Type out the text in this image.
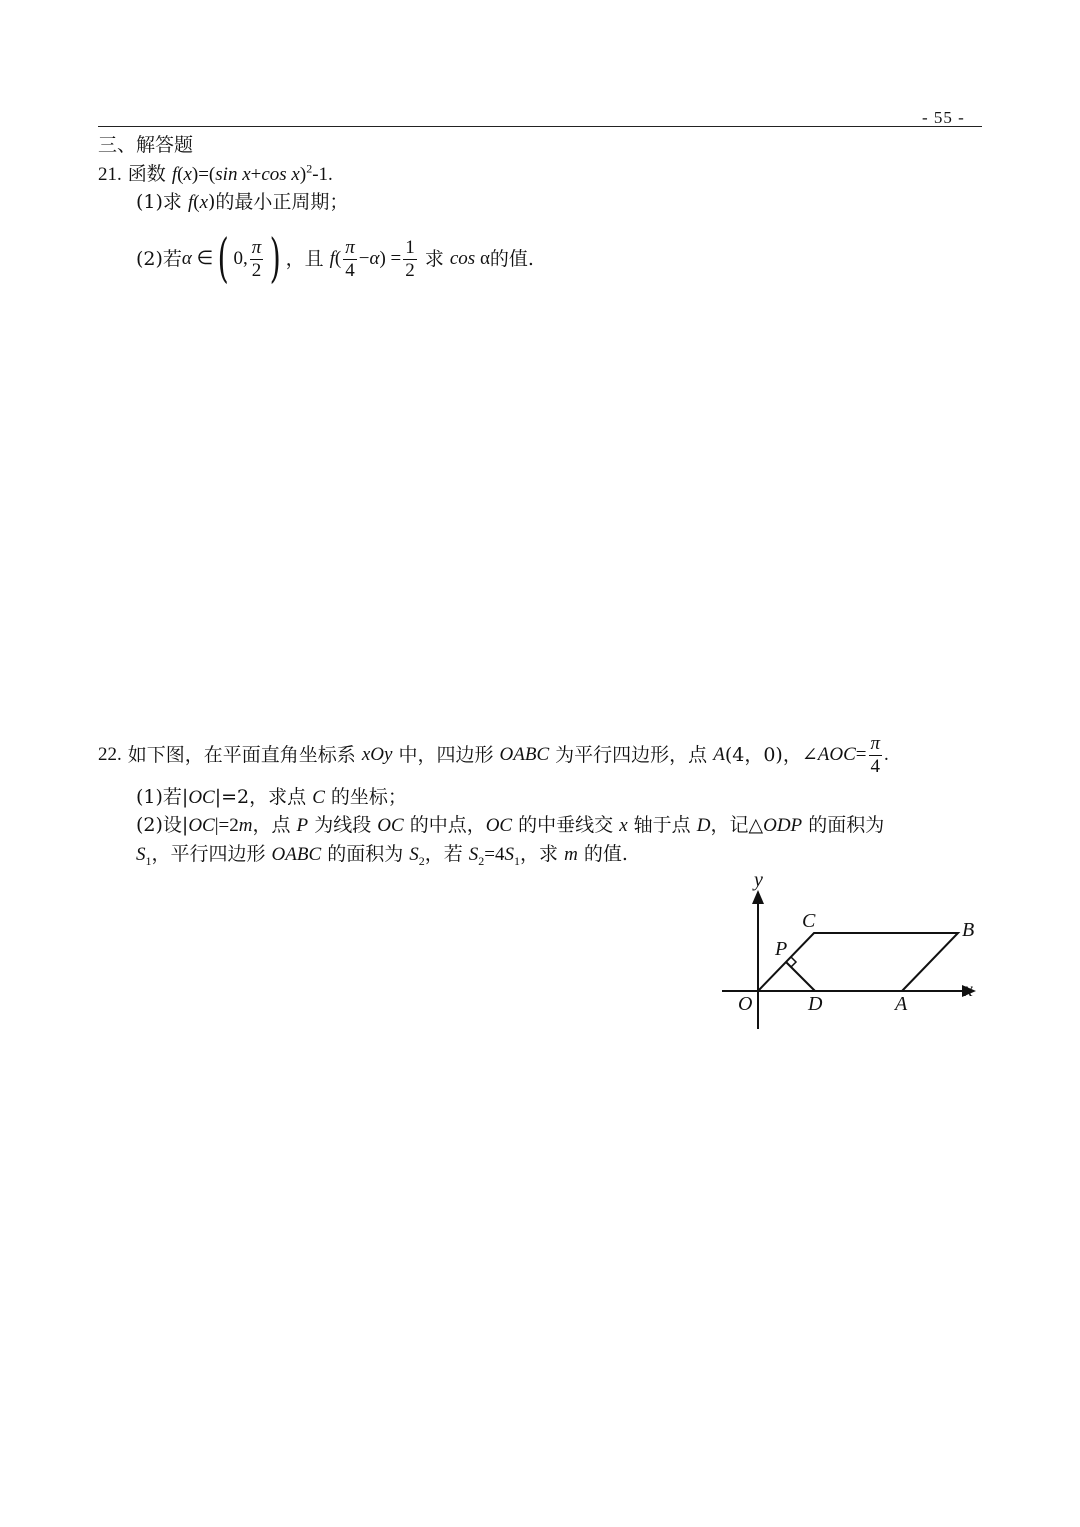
- 55 -
三、解答题
21. 函数 f(x)=(sin x+cos x)$^2$-1.
(1)求 f(x)的最小正周期；
(2)若α ∈( 0, $\frac{\pi}{2}$ ) ，且 $f( \frac{\pi}{4} -\alpha) = \frac{1}{2}$ 求 cos α的值.
22. 如下图，在平面直角坐标系 xOy 中，四边形 OABC 为平行四边形，点 A(4，0)，∠AOC= $\frac{\pi}{4}$ .
(1)若|OC|=2，求点 C 的坐标；
(2)设|OC|=2m，点 P 为线段 OC 的中点，OC 的中垂线交 x 轴于点 D，记△ODP 的面积为
$S_1$，平行四边形 OABC 的面积为 $S_2$，若 $S_2=4S_1$，求 m 的值.
y
x
O	D	A
B
C
P
